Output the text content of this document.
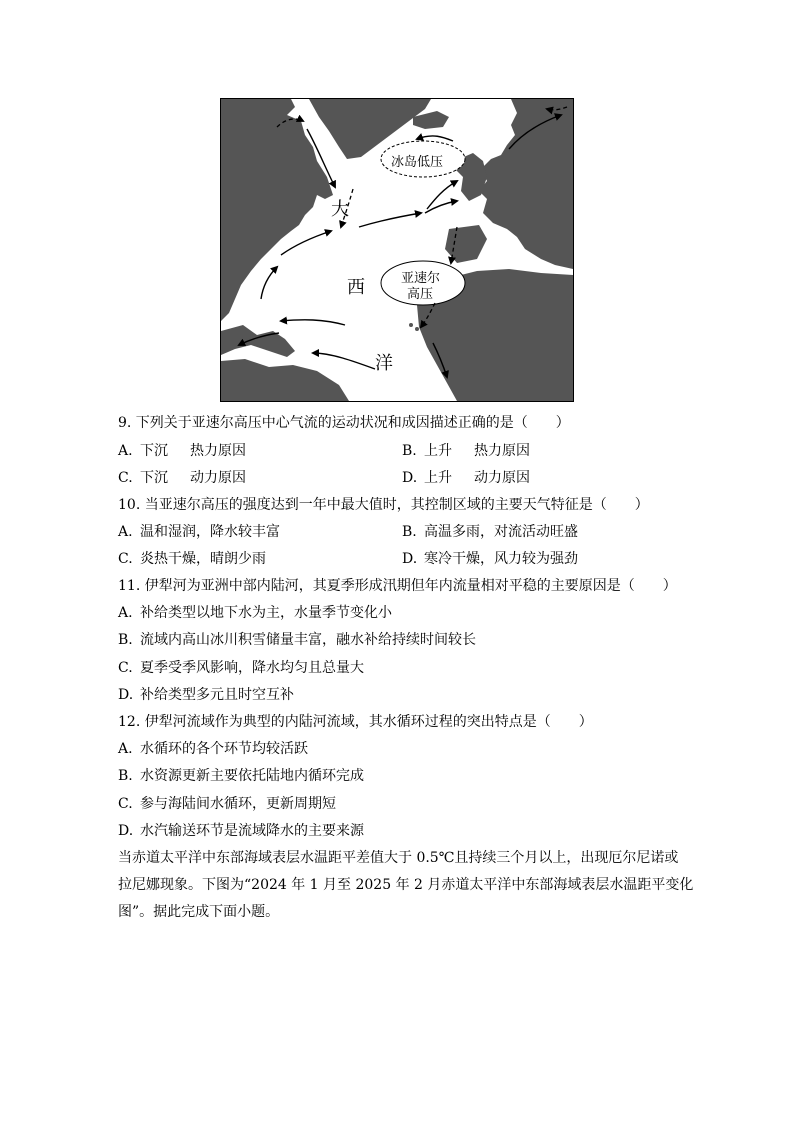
冰岛低压
亚速尔
高压
大
西
洋
9. 下列关于亚速尔高压中心气流的运动状况和成因描述正确的是（　　）
A. 下沉 热力原因	B. 上升 热力原因
C. 下沉 动力原因	D. 上升 动力原因
10. 当亚速尔高压的强度达到一年中最大值时，其控制区域的主要天气特征是（　　）
A. 温和湿润，降水较丰富	B. 高温多雨，对流活动旺盛
C. 炎热干燥，晴朗少雨	D. 寒冷干燥，风力较为强劲
11. 伊犁河为亚洲中部内陆河，其夏季形成汛期但年内流量相对平稳的主要原因是（　　）
A. 补给类型以地下水为主，水量季节变化小
B. 流域内高山冰川积雪储量丰富，融水补给持续时间较长
C. 夏季受季风影响，降水均匀且总量大
D. 补给类型多元且时空互补
12. 伊犁河流域作为典型的内陆河流域，其水循环过程的突出特点是（　　）
A. 水循环的各个环节均较活跃
B. 水资源更新主要依托陆地内循环完成
C. 参与海陆间水循环，更新周期短
D. 水汽输送环节是流域降水的主要来源
当赤道太平洋中东部海域表层水温距平差值大于 0.5℃且持续三个月以上，出现厄尔尼诺或
拉尼娜现象。下图为“2024 年 1 月至 2025 年 2 月赤道太平洋中东部海域表层水温距平变化
图”。据此完成下面小题。
